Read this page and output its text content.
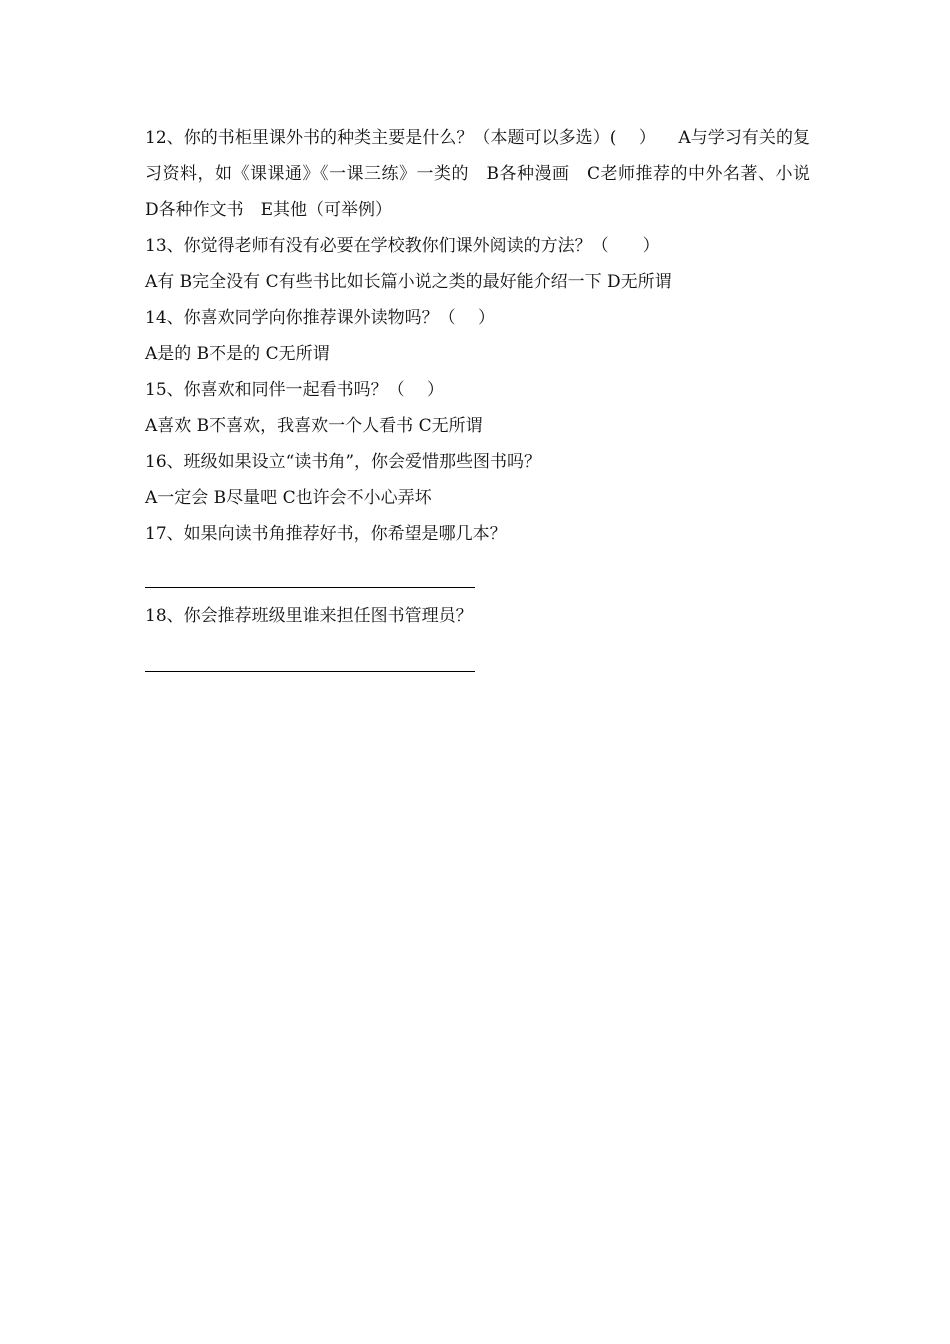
12、你的书柜里课外书的种类主要是什么？（本题可以多选）(　 ） 　A与学习有关的复习资料，如《课课通》《一课三练》一类的　B各种漫画　C老师推荐的中外名著、小说　D各种作文书　E其他（可举例）

13、你觉得老师有没有必要在学校教你们课外阅读的方法？（　　）

A有 B完全没有 C有些书比如长篇小说之类的最好能介绍一下 D无所谓

14、你喜欢同学向你推荐课外读物吗？（　 ）

A是的 B不是的 C无所谓

15、你喜欢和同伴一起看书吗？（　 ）

A喜欢 B不喜欢，我喜欢一个人看书 C无所谓

16、班级如果设立“读书角”，你会爱惜那些图书吗？

A一定会 B尽量吧 C也许会不小心弄坏

17、如果向读书角推荐好书，你希望是哪几本？

18、你会推荐班级里谁来担任图书管理员？
